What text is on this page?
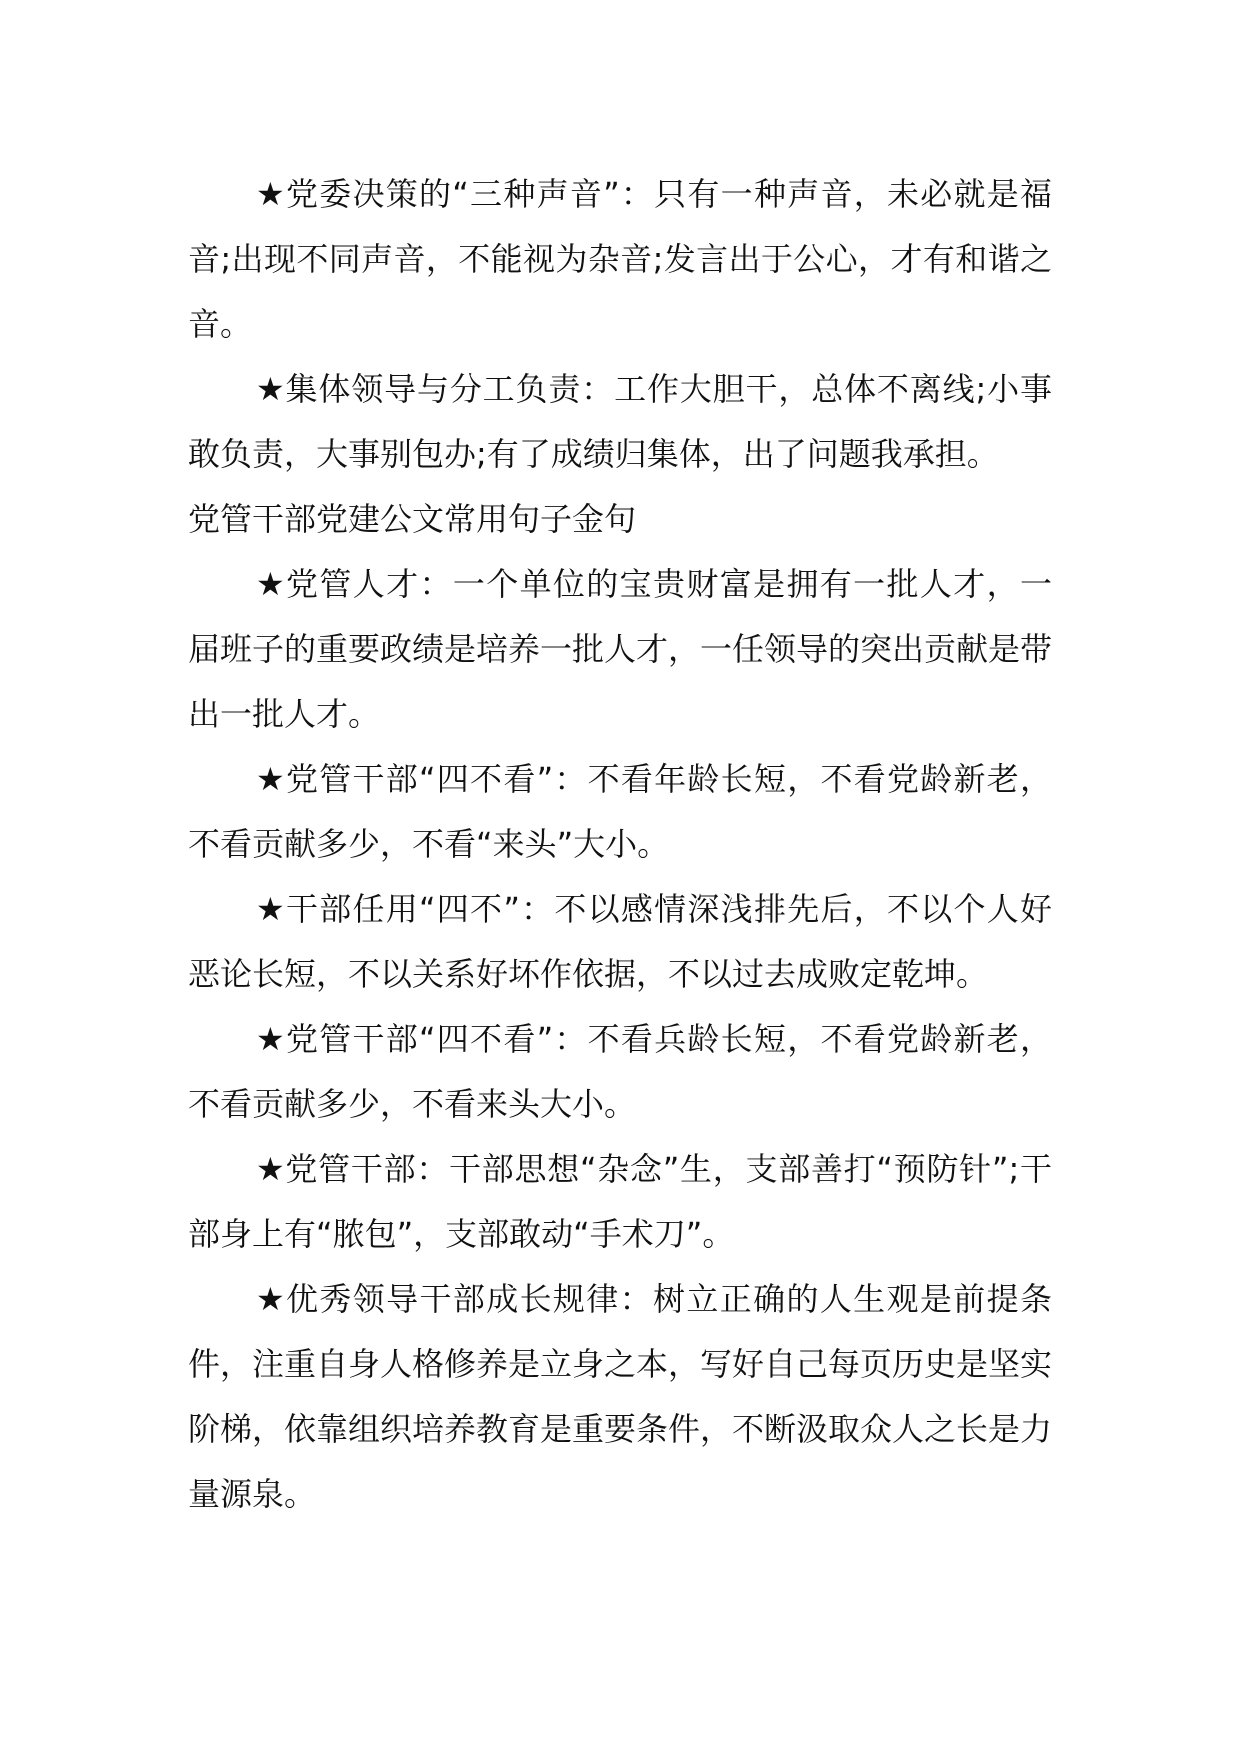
★党委决策的“三种声音”：只有一种声音，未必就是福音;出现不同声音，不能视为杂音;发言出于公心，才有和谐之音。

★集体领导与分工负责：工作大胆干，总体不离线;小事敢负责，大事别包办;有了成绩归集体，出了问题我承担。

党管干部党建公文常用句子金句

★党管人才：一个单位的宝贵财富是拥有一批人才，一届班子的重要政绩是培养一批人才，一任领导的突出贡献是带出一批人才。

★党管干部“四不看”：不看年龄长短，不看党龄新老，不看贡献多少，不看“来头”大小。

★干部任用“四不”：不以感情深浅排先后，不以个人好恶论长短，不以关系好坏作依据，不以过去成败定乾坤。

★党管干部“四不看”：不看兵龄长短，不看党龄新老，不看贡献多少，不看来头大小。

★党管干部：干部思想“杂念”生，支部善打“预防针”;干部身上有“脓包”，支部敢动“手术刀”。

★优秀领导干部成长规律：树立正确的人生观是前提条件，注重自身人格修养是立身之本，写好自己每页历史是坚实阶梯，依靠组织培养教育是重要条件，不断汲取众人之长是力量源泉。
